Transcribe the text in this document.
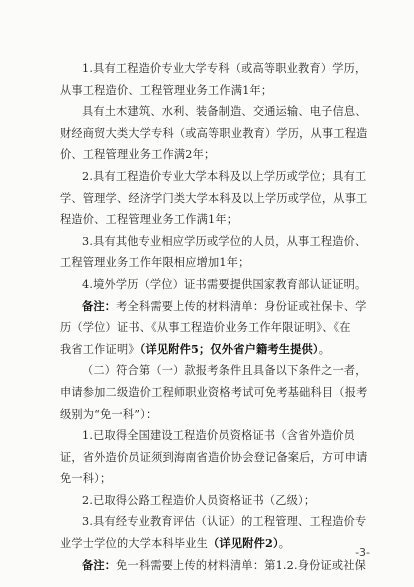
1.具有工程造价专业大学专科（或高等职业教育）学历，
从事工程造价、工程管理业务工作满1年；
具有土木建筑、水利、装备制造、交通运输、电子信息、
财经商贸大类大学专科（或高等职业教育）学历，从事工程造
价、工程管理业务工作满2年；
2.具有工程造价专业大学本科及以上学历或学位；具有工
学、管理学、经济学门类大学本科及以上学历或学位，从事工
程造价、工程管理业务工作满1年；
3.具有其他专业相应学历或学位的人员，从事工程造价、
工程管理业务工作年限相应增加1年；
4.境外学历（学位）证书需要提供国家教育部认证证明。
备注：考全科需要上传的材料清单：身份证或社保卡、学
历（学位）证书、《从事工程造价业务工作年限证明》、《在
我省工作证明》（详见附件5；仅外省户籍考生提供）。
（二）符合第（一）款报考条件且具备以下条件之一者，
申请参加二级造价工程师职业资格考试可免考基础科目（报考
级别为“免一科”）：
1.已取得全国建设工程造价员资格证书（含省外造价员
证，省外造价员证须到海南省造价协会登记备案后，方可申请
免一科）；
2.已取得公路工程造价人员资格证书（乙级）；
3.具有经专业教育评估（认证）的工程管理、工程造价专
业学士学位的大学本科毕业生（详见附件2）。
备注：免一科需要上传的材料清单：第1.2.身份证或社保
-3-
